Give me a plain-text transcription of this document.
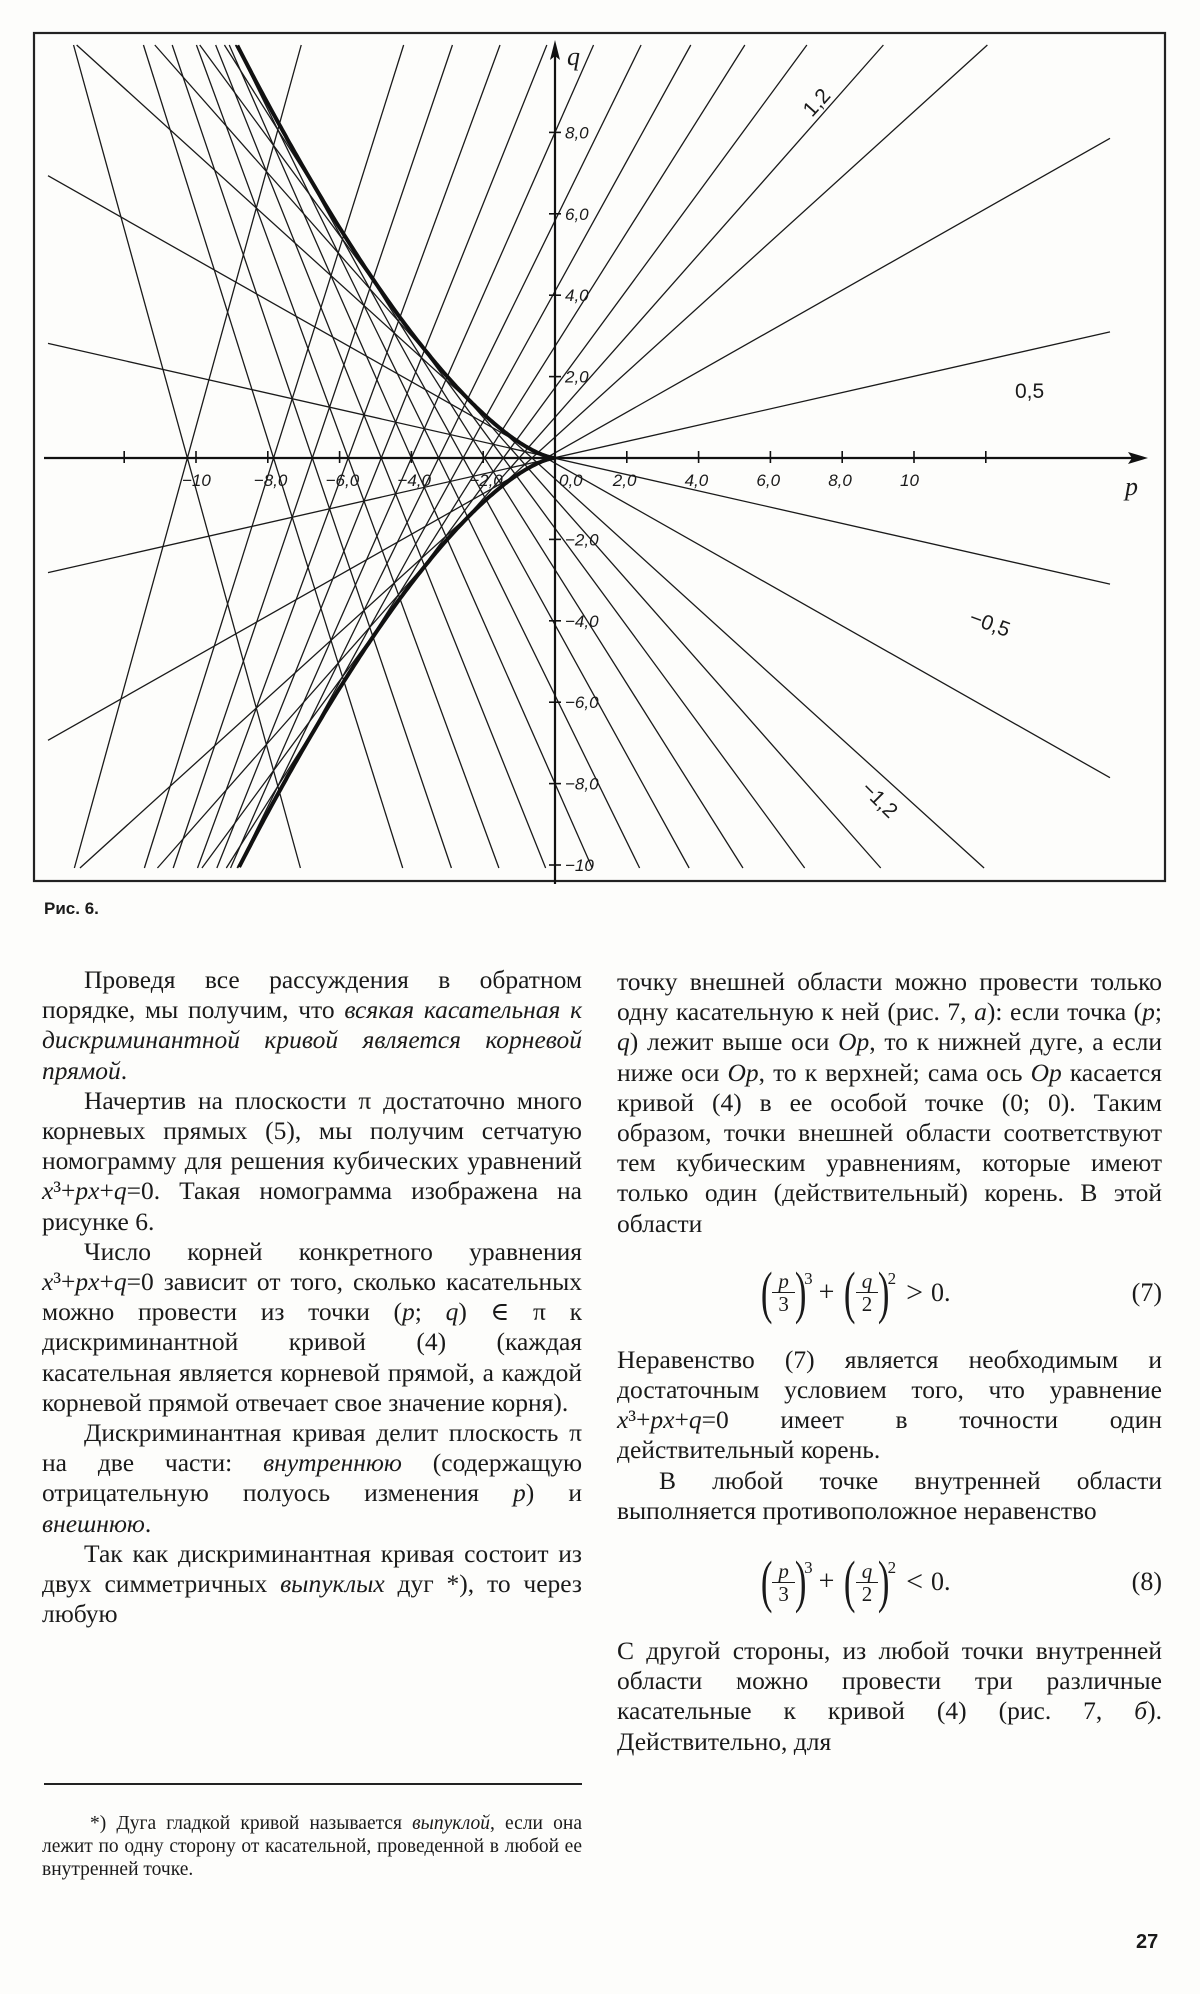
−10	−8,0 −6,0 −4,0 −2,0	0,0 2,0	4,0	6,0	8,0	10
8,0
6,0
4,0
2,0
−2,0
−4,0
−6,0
−8,0
−10
p
q
1,2
0,5
−0,5
−1,2
Рис. 6.

Проведя все рассуждения в обратном порядке, мы получим, что всякая касательная к дискриминантной кривой является корневой прямой.

Начертив на плоскости π достаточно много корневых прямых (5), мы получим сетчатую номограмму для решения кубических уравнений x³+px+q=0. Такая номограмма изображена на рисунке 6.

Число корней конкретного уравнения x³+px+q=0 зависит от того, сколько касательных можно провести из точки (p; q) ∈ π к дискриминантной кривой (4) (каждая касательная является корневой прямой, а каждой корневой прямой отвечает свое значение корня).

Дискриминантная кривая делит плоскость π на две части: внутреннюю (содержащую отрицательную полуось изменения p) и внешнюю.

Так как дискриминантная кривая состоит из двух симметричных выпуклых дуг *), то через любую

точку внешней области можно провести только одну касательную к ней (рис. 7, а): если точка (p; q) лежит выше оси Op, то к нижней дуге, а если ниже оси Op, то к верхней; сама ось Op касается кривой (4) в ее особой точке (0; 0). Таким образом, точки внешней области соответствуют тем кубическим уравнениям, которые имеют только один (действительный) корень. В этой области

( $\frac{p}{3}$ )
$^3$ + ( $\frac{q}{2}$ )
$^2$ > 0.	(7)

Неравенство (7) является необходимым и достаточным условием того, что уравнение x³+px+q=0 имеет в точности один действительный корень.

В любой точке внутренней области выполняется противоположное неравенство

( $\frac{p}{3}$ )
$^3$ + ( $\frac{q}{2}$ )
$^2$ < 0.	(8)

С другой стороны, из любой точки внутренней области можно провести три различные касательные к кривой (4) (рис. 7, б). Действительно, для

*) Дуга гладкой кривой называется выпуклой, если она лежит по одну сторону от касательной, проведенной в любой ее внутренней точке.

27
